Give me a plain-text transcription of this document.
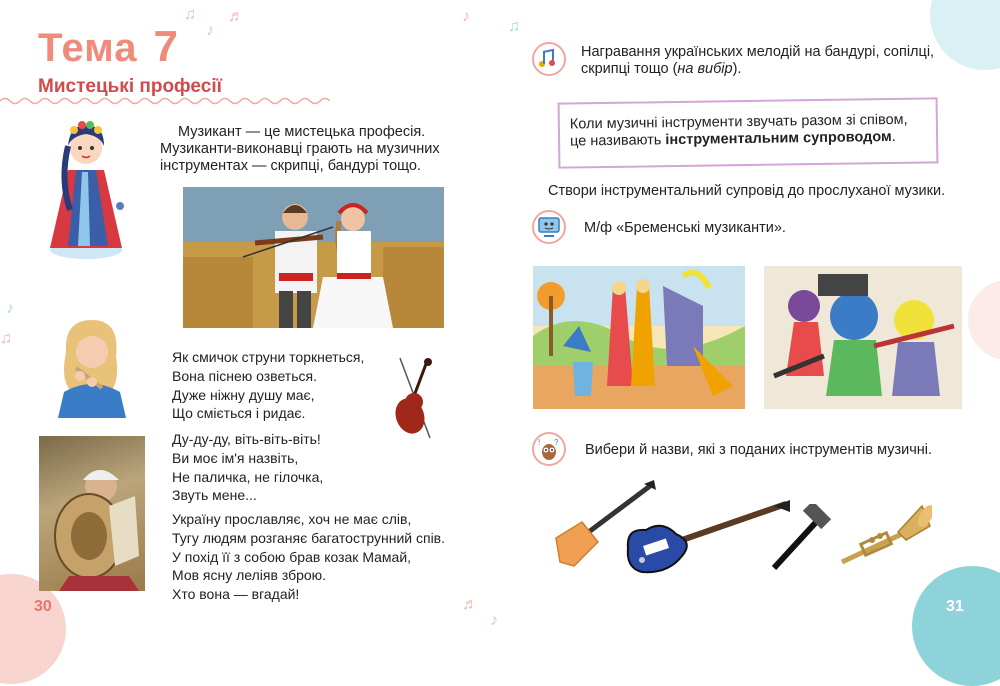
♫
♪
♬	♪
♫
♪
♫
♬
♪
Тема 7
Мистецькі професії
Музикант — це мистецька професія.
Музиканти-виконавці грають на музичних
інструментах — скрипці, бандурі тощо.
Як смичок струни торкнеться,
Вона піснею озветься.
Дуже ніжну душу має,
Що сміється і ридає.
Ду-ду-ду, віть-віть-віть!
Ви моє ім'я назвіть,
Не паличка, не гілочка,
Звуть мене...
Україну прославляє, хоч не має слів,
Тугу людям розганяє багатострунний спів.
У похід її з собою брав козак Мамай,
Мов ясну леліяв зброю.
Хто вона — вгадай!
30
Награвання українських мелодій на бандурі, сопілці,
скрипці тощо (на вибір).
Коли музичні інструменти звучать разом зі співом,
це називають інструментальним супроводом.
Створи інструментальний супровід до прослуханої музики.
М/ф «Бременські музиканти».
! ? Вибери й назви, які з поданих інструментів музичні.
31
